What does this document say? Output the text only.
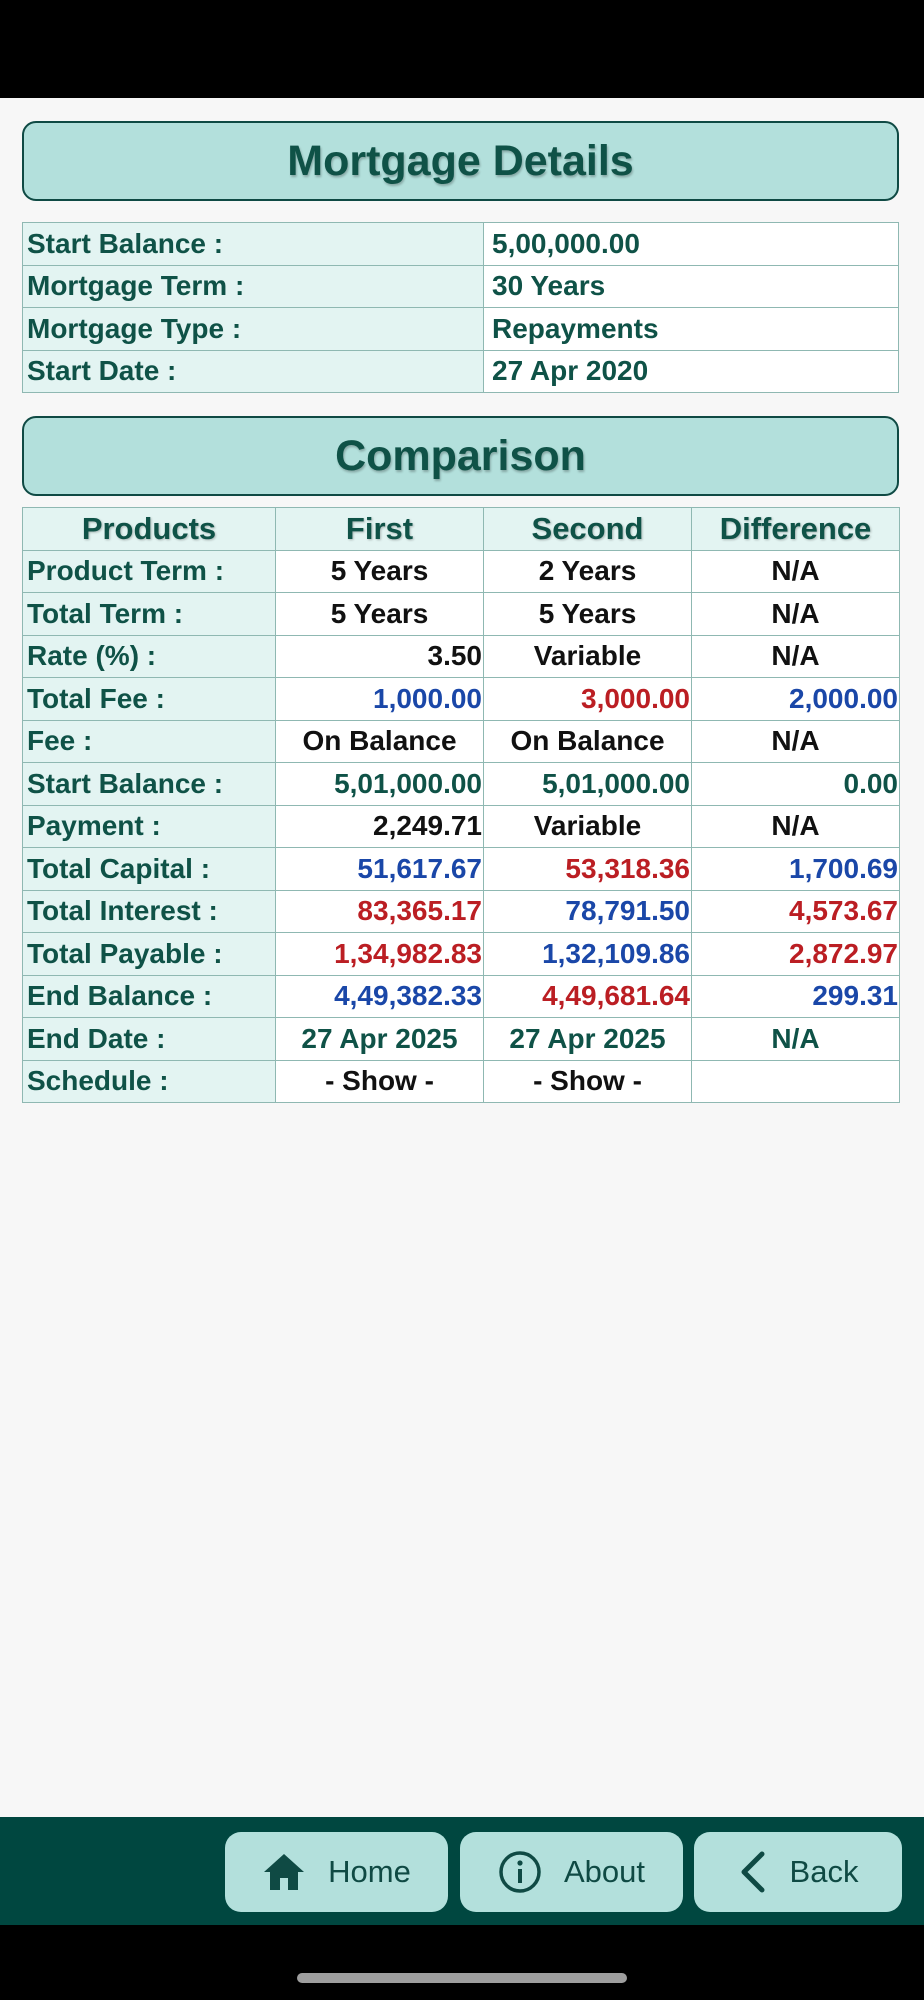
Mortgage Details
Start Balance :	5,00,000.00
Mortgage Term :	30 Years
Mortgage Type :	Repayments
Start Date :	27 Apr 2020
Comparison
Products	First	Second	Difference
Product Term :	5 Years	2 Years	N/A
Total Term :	5 Years	5 Years	N/A
Rate (%) :	3.50	Variable	N/A
Total Fee :	1,000.00	3,000.00	2,000.00
Fee :	On Balance	On Balance	N/A
Start Balance :	5,01,000.00	5,01,000.00	0.00
Payment :	2,249.71	Variable	N/A
Total Capital :	51,617.67	53,318.36	1,700.69
Total Interest :	83,365.17	78,791.50	4,573.67
Total Payable :	1,34,982.83	1,32,109.86	2,872.97
End Balance :	4,49,382.33	4,49,681.64	299.31
End Date :	27 Apr 2025	27 Apr 2025	N/A
Schedule :	- Show -	- Show -	
Home	About	Back
